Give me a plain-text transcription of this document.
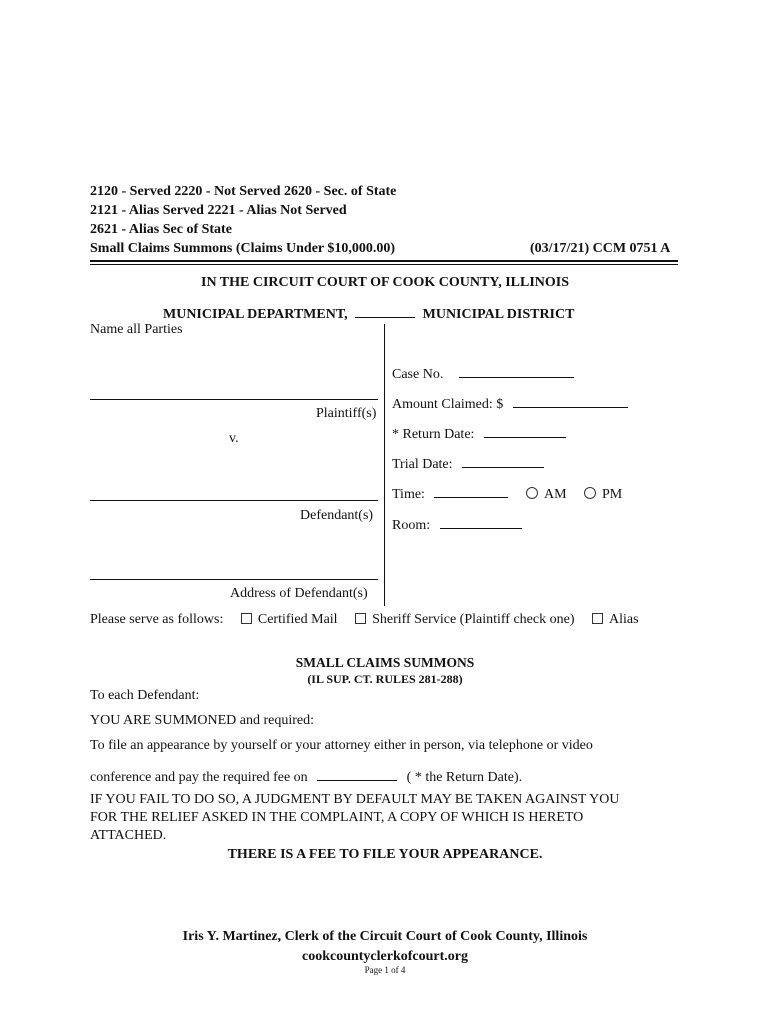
2120 - Served 2220 - Not Served 2620 - Sec. of State
2121 - Alias Served 2221 - Alias Not Served
2621 - Alias Sec of State
Small Claims Summons (Claims Under $10,000.00)	(03/17/21) CCM 0751 A
IN THE CIRCUIT COURT OF COOK COUNTY, ILLINOIS
MUNICIPAL DEPARTMENT,	MUNICIPAL DISTRICT
Name all Parties
Plaintiff(s)
v.
Defendant(s)
Address of Defendant(s)
Case No.
Amount Claimed: $
* Return Date:
Trial Date:
Time:	AM	PM
Room:
Please serve as follows: Certified Mail Sheriff Service (Plaintiff check one) Alias
SMALL CLAIMS SUMMONS
(IL SUP. CT. RULES 281-288)
To each Defendant:
YOU ARE SUMMONED and required:
To file an appearance by yourself or your attorney either in person, via telephone or video
conference and pay the required fee on	( * the Return Date).
IF YOU FAIL TO DO SO, A JUDGMENT BY DEFAULT MAY BE TAKEN AGAINST YOU
FOR THE RELIEF ASKED IN THE COMPLAINT, A COPY OF WHICH IS HERETO
ATTACHED.
THERE IS A FEE TO FILE YOUR APPEARANCE.
Iris Y. Martinez, Clerk of the Circuit Court of Cook County, Illinois
cookcountyclerkofcourt.org
Page 1 of 4
